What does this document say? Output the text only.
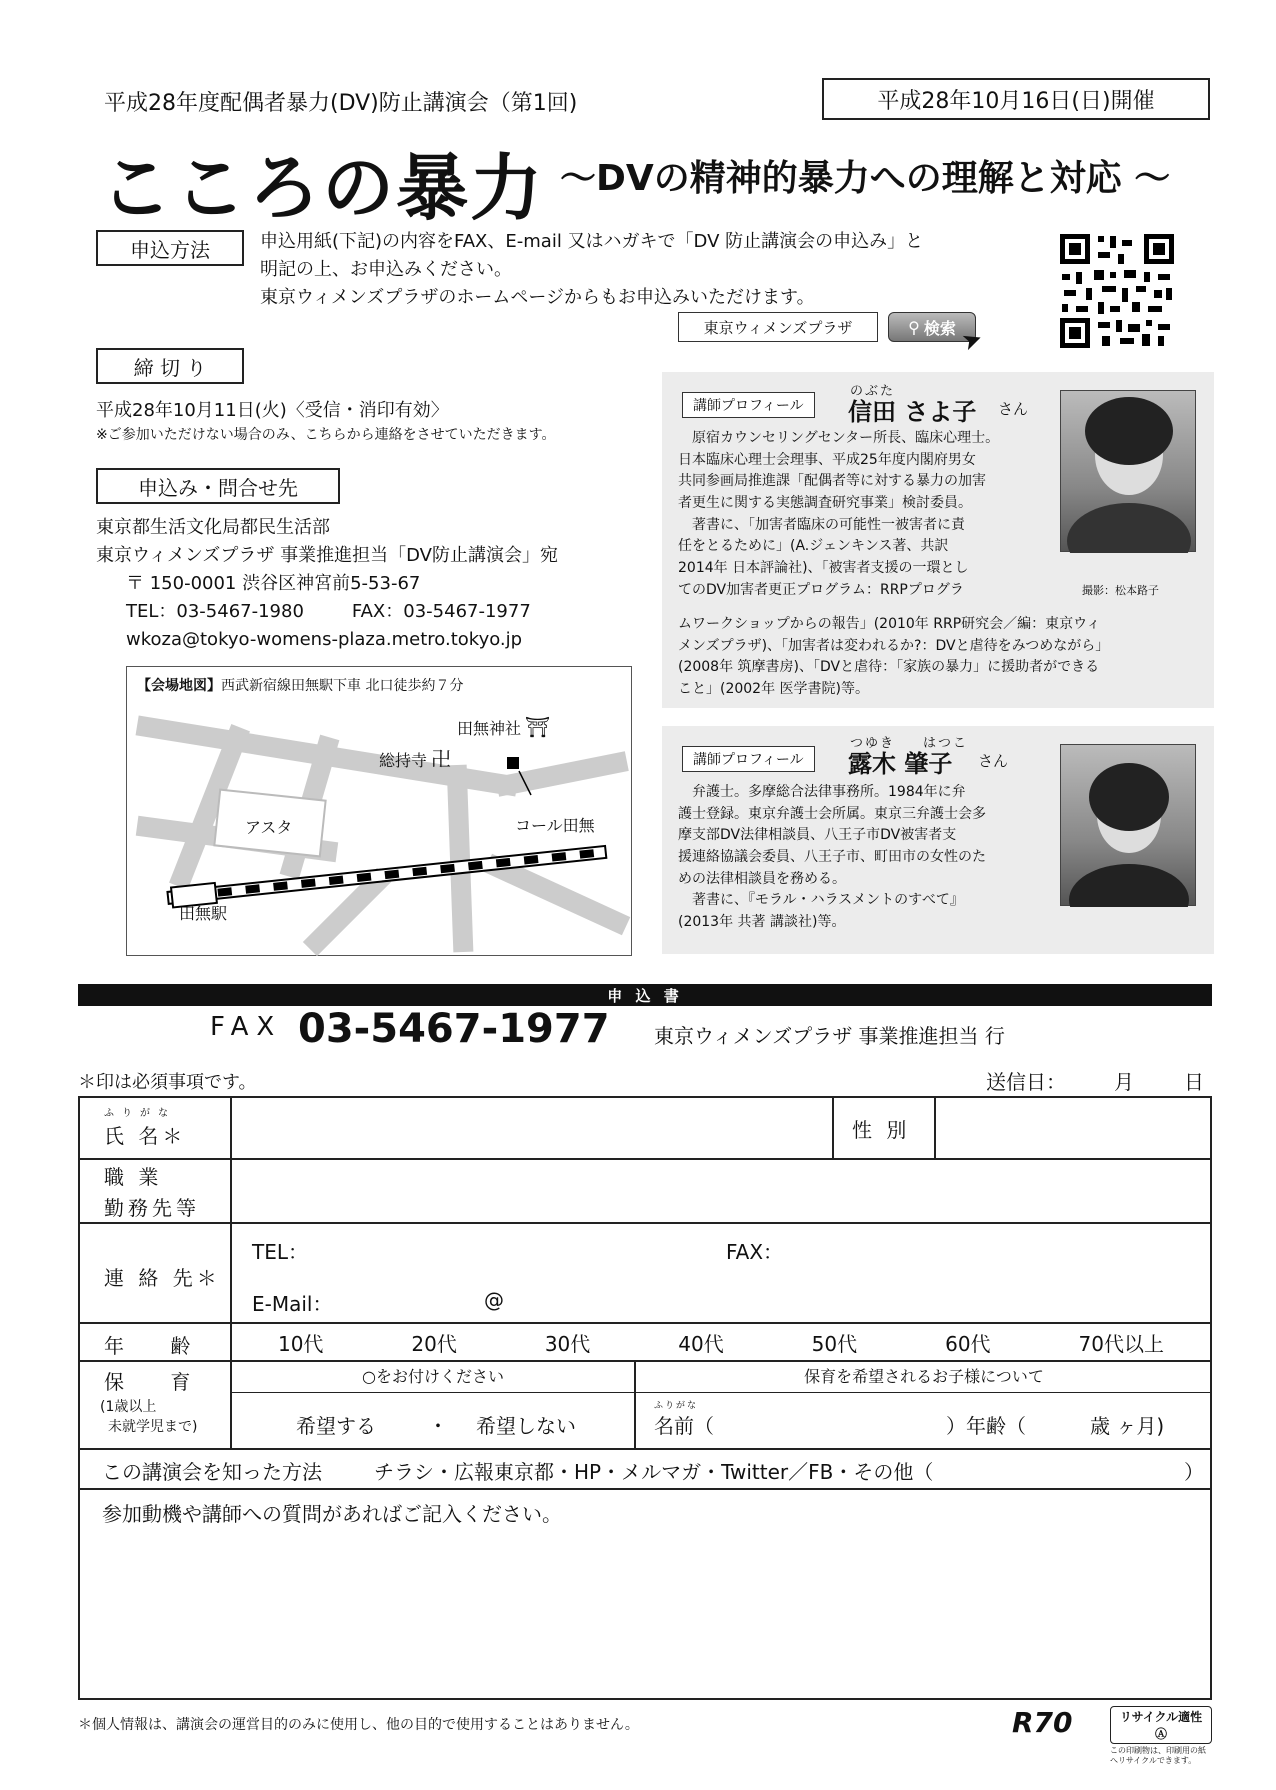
平成28年度配偶者暴力(DV)防止講演会（第1回)	平成28年10月16日(日)開催
こころの暴力 ～DVの精神的暴力への理解と対応 ～
申込方法	申込用紙(下記)の内容をFAX、E-mail 又はハガキで「DV 防止講演会の申込み」と
明記の上、お申込みください。
東京ウィメンズプラザのホームページからもお申込みいただけます。
東京ウィメンズプラザ	⚲ 検索 ➤
締 切 り
平成28年10月11日(火)〈受信・消印有効〉
※ご参加いただけない場合のみ、こちらから連絡をさせていただきます。
申込み・問合せ先
東京都生活文化局都民生活部
東京ウィメンズプラザ 事業推進担当「DV防止講演会」宛
〒 150-0001 渋谷区神宮前5-53-67
TEL：03-5467-1980	FAX：03-5467-1977
wkoza@tokyo-womens-plaza.metro.tokyo.jp
【会場地図】西武新宿線田無駅下車 北口徒歩約７分
田無神社 ⛩
総持寺 卍
アスタ	コール田無
田無駅
講師プロフィール
のぶた
信田 さよ子 さん
原宿カウンセリングセンター所長、臨床心理士。
日本臨床心理士会理事、平成25年度内閣府男女
共同参画局推進課「配偶者等に対する暴力の加害
者更生に関する実態調査研究事業」検討委員。
著書に、「加害者臨床の可能性一被害者に責
任をとるために」(A.ジェンキンス著、共訳
2014年 日本評論社)、「被害者支援の一環とし
てのDV加害者更正プログラム：RRPプログラ
ムワークショップからの報告」(2010年 RRP研究会／編：東京ウィ
メンズプラザ)、「加害者は変われるか?：DVと虐待をみつめながら」
(2008年 筑摩書房)、「DVと虐待：「家族の暴力」に援助者ができる
こと」(2002年 医学書院)等。
撮影：松本路子
講師プロフィール
つゆき はつこ
露木 肇子 さん
弁護士。多摩総合法律事務所。1984年に弁
護士登録。東京弁護士会所属。東京三弁護士会多
摩支部DV法律相談員、八王子市DV被害者支
援連絡協議会委員、八王子市、町田市の女性のた
めの法律相談員を務める。
著書に、『モラル・ハラスメントのすべて』
(2013年 共著 講談社)等。
申 込 書
FAX 03-5467-1977 東京ウィメンズプラザ 事業推進担当 行
＊印は必須事項です。	送信日： 月	日
ふりがな
氏 名＊	性 別
職 業
勤務先等
連 絡 先＊
TEL：	FAX：
E-Mail：	@
年 齢	10代	20代	30代	40代	50代	60代	70代以上
保 育
(1歳以上
未就学児まで)
○をお付けください	保育を希望されるお子様について
希望する	・ 希望しない
ふりがな
名前（	）年齢（	歳 ヶ月)
この講演会を知った方法	チラシ・広報東京都・HP・メルマガ・Twitter／FB・その他（	）
参加動機や講師への質問があればご記入ください。
＊個人情報は、講演会の運営目的のみに使用し、他の目的で使用することはありません。	R70	リサイクル適性Ⓐ
この印刷物は、印刷用の紙へリサイクルできます。
